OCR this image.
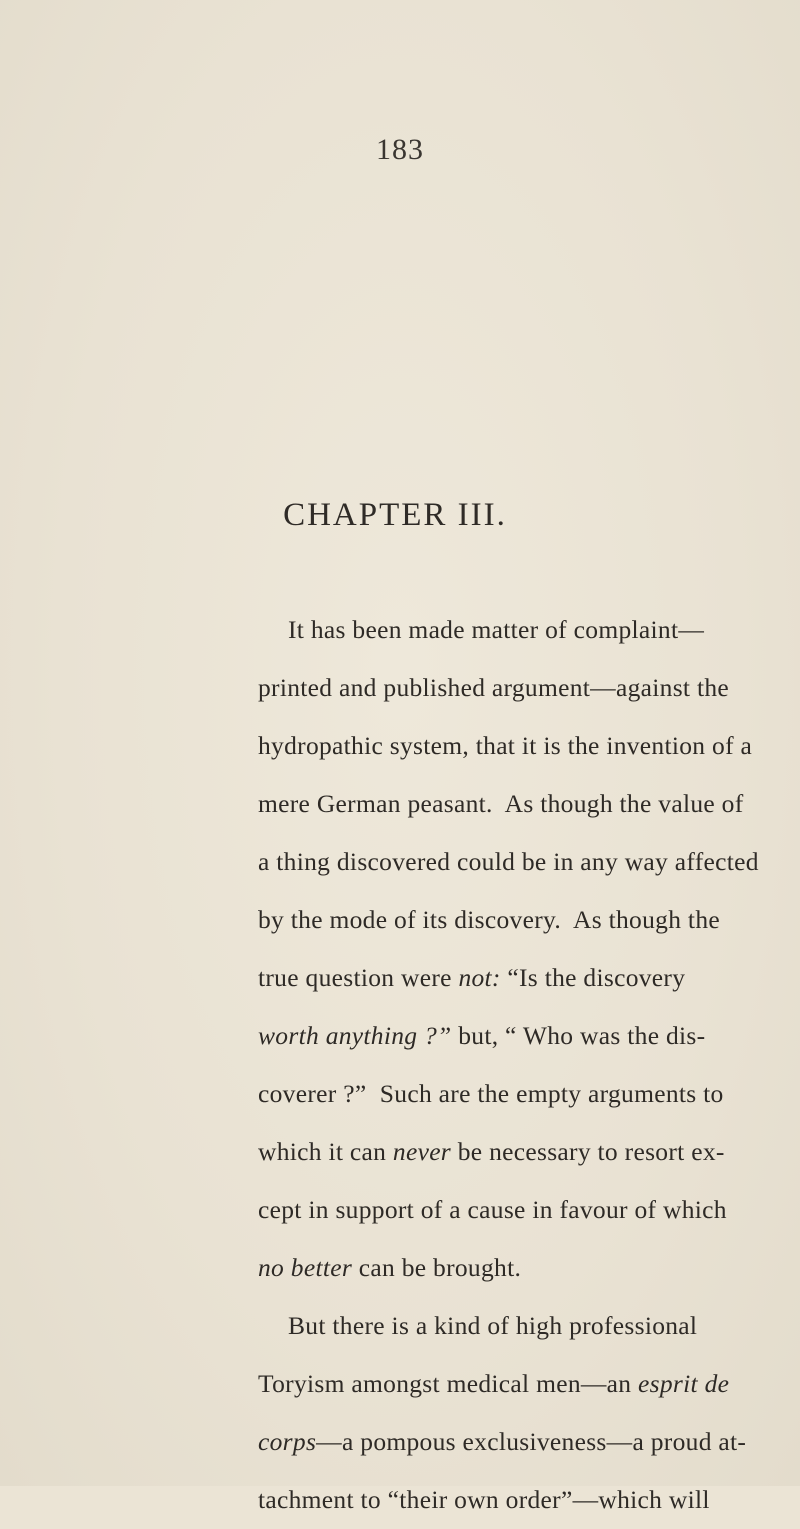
183
CHAPTER III.
It has been made matter of complaint—
printed and published argument—against the
hydropathic system, that it is the invention of a
mere German peasant.  As though the value of
a thing discovered could be in any way affected
by the mode of its discovery.  As though the
true question were not: “Is the discovery
worth anything ?” but, “ Who was the dis-
coverer ?”  Such are the empty arguments to
which it can never be necessary to resort ex-
cept in support of a cause in favour of which
no better can be brought.
But there is a kind of high professional
Toryism amongst medical men—an esprit de
corps—a pompous exclusiveness—a proud at-
tachment to “their own order”—which will
